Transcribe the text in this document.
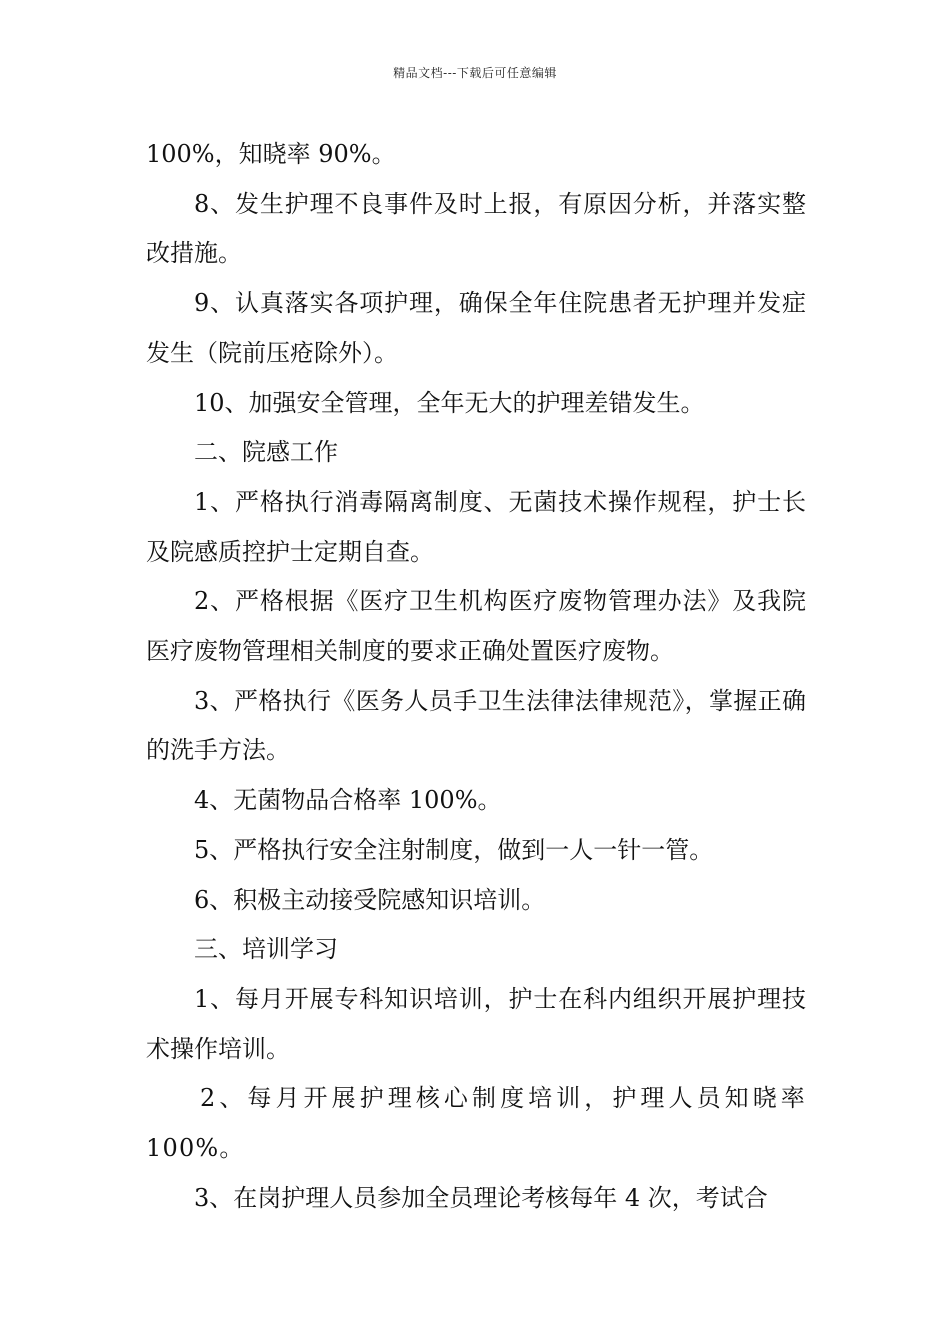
精品文档---下载后可任意编辑

100%，知晓率 90%。

8、发生护理不良事件及时上报，有原因分析，并落实整改措施。

9、认真落实各项护理，确保全年住院患者无护理并发症发生（院前压疮除外）。

10、加强安全管理，全年无大的护理差错发生。

二、院感工作

1、严格执行消毒隔离制度、无菌技术操作规程，护士长及院感质控护士定期自查。

2、严格根据《医疗卫生机构医疗废物管理办法》及我院医疗废物管理相关制度的要求正确处置医疗废物。

3、严格执行《医务人员手卫生法律法律规范》，掌握正确的洗手方法。

4、无菌物品合格率 100%。

5、严格执行安全注射制度，做到一人一针一管。

6、积极主动接受院感知识培训。

三、培训学习

1、每月开展专科知识培训，护士在科内组织开展护理技术操作培训。

2、每月开展护理核心制度培训，护理人员知晓率100%。

3、在岗护理人员参加全员理论考核每年 4 次，考试合
